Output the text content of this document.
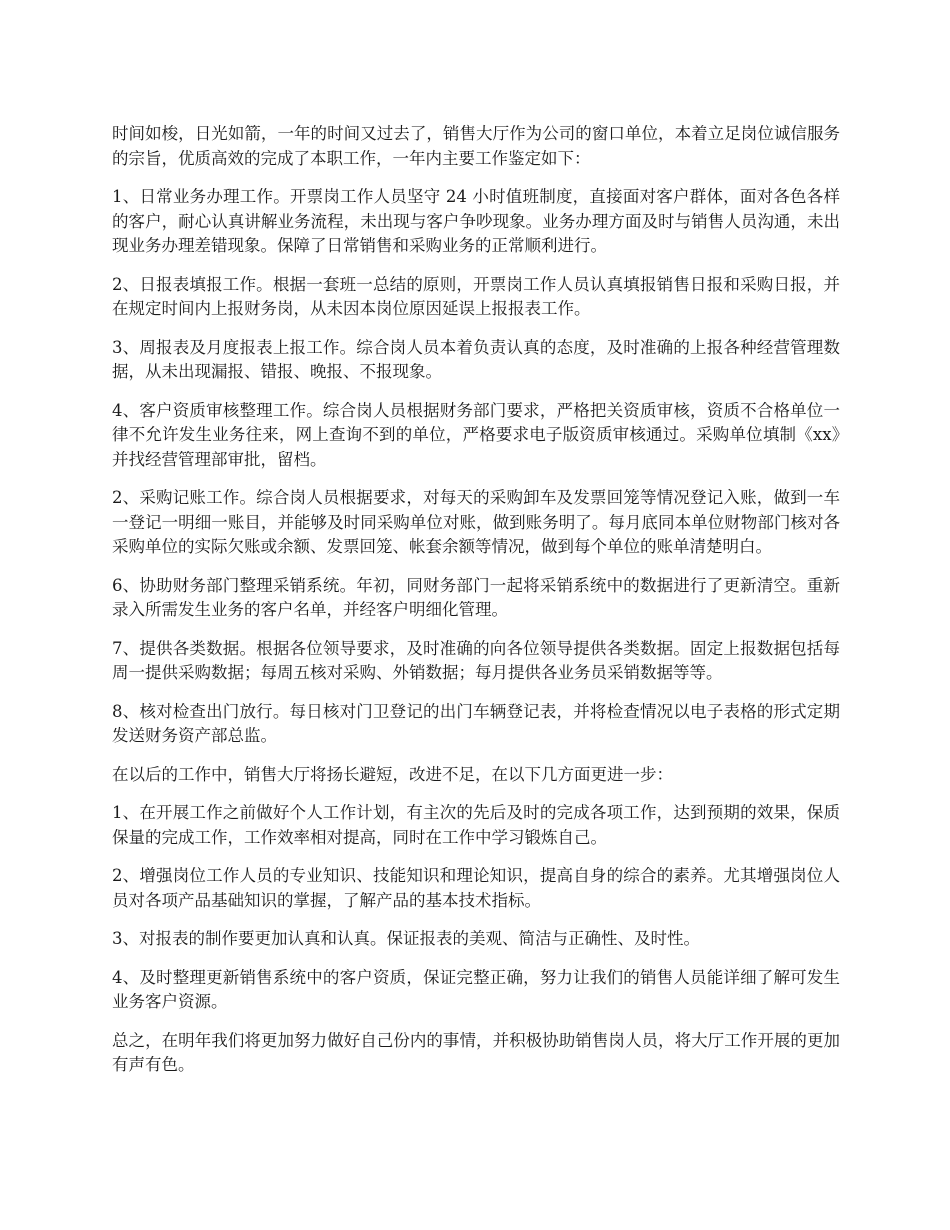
时间如梭，日光如箭，一年的时间又过去了，销售大厅作为公司的窗口单位，本着立足岗位诚信服务的宗旨，优质高效的完成了本职工作，一年内主要工作鉴定如下：

1、日常业务办理工作。开票岗工作人员坚守 24 小时值班制度，直接面对客户群体，面对各色各样的客户，耐心认真讲解业务流程，未出现与客户争吵现象。业务办理方面及时与销售人员沟通，未出现业务办理差错现象。保障了日常销售和采购业务的正常顺利进行。

2、日报表填报工作。根据一套班一总结的原则，开票岗工作人员认真填报销售日报和采购日报，并在规定时间内上报财务岗，从未因本岗位原因延误上报报表工作。

3、周报表及月度报表上报工作。综合岗人员本着负责认真的态度，及时准确的上报各种经营管理数据，从未出现漏报、错报、晚报、不报现象。

4、客户资质审核整理工作。综合岗人员根据财务部门要求，严格把关资质审核，资质不合格单位一律不允许发生业务往来，网上查询不到的单位，严格要求电子版资质审核通过。采购单位填制《xx》并找经营管理部审批，留档。

2、采购记账工作。综合岗人员根据要求，对每天的采购卸车及发票回笼等情况登记入账，做到一车一登记一明细一账目，并能够及时同采购单位对账，做到账务明了。每月底同本单位财物部门核对各采购单位的实际欠账或余额、发票回笼、帐套余额等情况，做到每个单位的账单清楚明白。

6、协助财务部门整理采销系统。年初，同财务部门一起将采销系统中的数据进行了更新清空。重新录入所需发生业务的客户名单，并经客户明细化管理。

7、提供各类数据。根据各位领导要求，及时准确的向各位领导提供各类数据。固定上报数据包括每周一提供采购数据；每周五核对采购、外销数据；每月提供各业务员采销数据等等。

8、核对检查出门放行。每日核对门卫登记的出门车辆登记表，并将检查情况以电子表格的形式定期发送财务资产部总监。

在以后的工作中，销售大厅将扬长避短，改进不足，在以下几方面更进一步：

1、在开展工作之前做好个人工作计划，有主次的先后及时的完成各项工作，达到预期的效果，保质保量的完成工作，工作效率相对提高，同时在工作中学习锻炼自己。

2、增强岗位工作人员的专业知识、技能知识和理论知识，提高自身的综合的素养。尤其增强岗位人员对各项产品基础知识的掌握，了解产品的基本技术指标。

3、对报表的制作要更加认真和认真。保证报表的美观、简洁与正确性、及时性。

4、及时整理更新销售系统中的客户资质，保证完整正确，努力让我们的销售人员能详细了解可发生业务客户资源。

总之，在明年我们将更加努力做好自己份内的事情，并积极协助销售岗人员，将大厅工作开展的更加有声有色。
